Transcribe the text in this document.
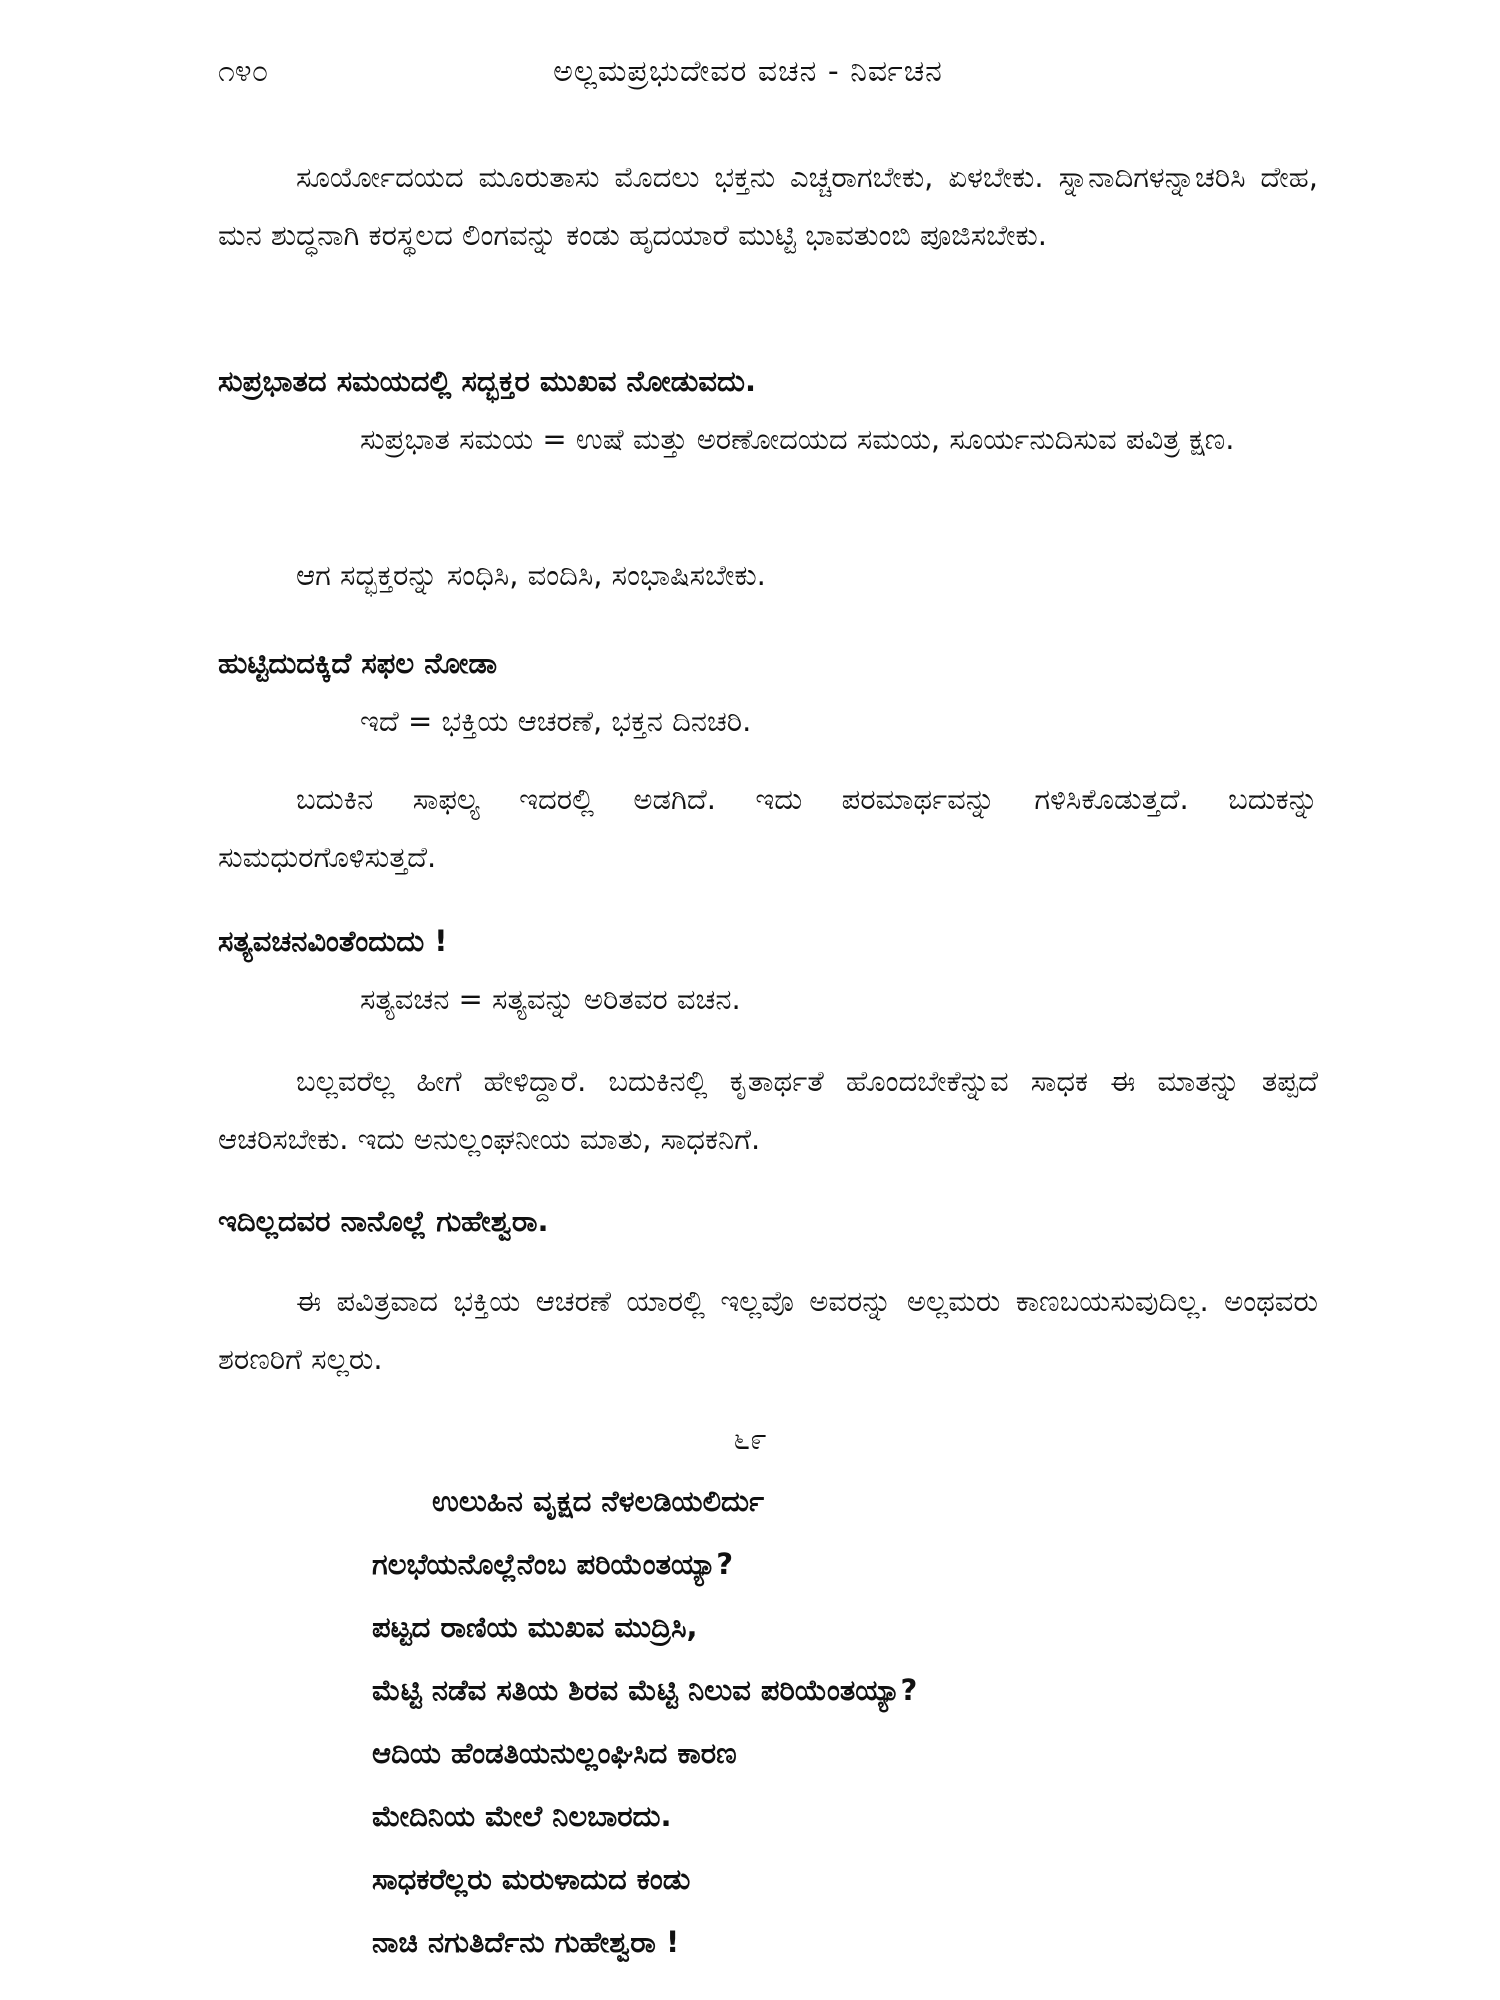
೧೪೦	ಅಲ್ಲಮಪ್ರಭುದೇವರ ವಚನ - ನಿರ್ವಚನ

ಸೂರ್ಯೋದಯದ ಮೂರುತಾಸು ಮೊದಲು ಭಕ್ತನು ಎಚ್ಚರಾಗಬೇಕು, ಏಳಬೇಕು. ಸ್ನಾನಾದಿಗಳನ್ನಾಚರಿಸಿ ದೇಹ, ಮನ ಶುದ್ಧನಾಗಿ ಕರಸ್ಥಲದ ಲಿಂಗವನ್ನು ಕಂಡು ಹೃದಯಾರೆ ಮುಟ್ಟಿ ಭಾವತುಂಬಿ ಪೂಜಿಸಬೇಕು.

ಸುಪ್ರಭಾತದ ಸಮಯದಲ್ಲಿ ಸದ್ಭಕ್ತರ ಮುಖವ ನೋಡುವದು.

ಸುಪ್ರಭಾತ ಸಮಯ = ಉಷೆ ಮತ್ತು ಅರಣೋದಯದ ಸಮಯ, ಸೂರ್ಯನುದಿಸುವ ಪವಿತ್ರ ಕ್ಷಣ.

ಆಗ ಸದ್ಭಕ್ತರನ್ನು ಸಂಧಿಸಿ, ವಂದಿಸಿ, ಸಂಭಾಷಿಸಬೇಕು.

ಹುಟ್ಟಿದುದಕ್ಕಿದೆ ಸಫಲ ನೋಡಾ

ಇದೆ = ಭಕ್ತಿಯ ಆಚರಣೆ, ಭಕ್ತನ ದಿನಚರಿ.

ಬದುಕಿನ ಸಾಫಲ್ಯ ಇದರಲ್ಲಿ ಅಡಗಿದೆ. ಇದು ಪರಮಾರ್ಥವನ್ನು ಗಳಿಸಿಕೊಡುತ್ತದೆ. ಬದುಕನ್ನು ಸುಮಧುರಗೊಳಿಸುತ್ತದೆ.

ಸತ್ಯವಚನವಿಂತೆಂದುದು !

ಸತ್ಯವಚನ = ಸತ್ಯವನ್ನು ಅರಿತವರ ವಚನ.

ಬಲ್ಲವರೆಲ್ಲ ಹೀಗೆ ಹೇಳಿದ್ದಾರೆ. ಬದುಕಿನಲ್ಲಿ ಕೃತಾರ್ಥತೆ ಹೊಂದಬೇಕೆನ್ನುವ ಸಾಧಕ ಈ ಮಾತನ್ನು ತಪ್ಪದೆ ಆಚರಿಸಬೇಕು. ಇದು ಅನುಲ್ಲಂಘನೀಯ ಮಾತು, ಸಾಧಕನಿಗೆ.

ಇದಿಲ್ಲದವರ ನಾನೊಲ್ಲೆ ಗುಹೇಶ್ವರಾ.

ಈ ಪವಿತ್ರವಾದ ಭಕ್ತಿಯ ಆಚರಣೆ ಯಾರಲ್ಲಿ ಇಲ್ಲವೊ ಅವರನ್ನು ಅಲ್ಲಮರು ಕಾಣಬಯಸುವುದಿಲ್ಲ. ಅಂಥವರು ಶರಣರಿಗೆ ಸಲ್ಲರು.

೬೯
ಉಲುಹಿನ ವೃಕ್ಷದ ನೆಳಲಡಿಯಲಿರ್ದು
ಗಲಭೆಯನೊಲ್ಲೆನೆಂಬ ಪರಿಯೆಂತಯ್ಯಾ?
ಪಟ್ಟದ ರಾಣಿಯ ಮುಖವ ಮುದ್ರಿಸಿ,
ಮೆಟ್ಟಿ ನಡೆವ ಸತಿಯ ಶಿರವ ಮೆಟ್ಟಿ ನಿಲುವ ಪರಿಯೆಂತಯ್ಯಾ?
ಆದಿಯ ಹೆಂಡತಿಯನುಲ್ಲಂಘಿಸಿದ ಕಾರಣ
ಮೇದಿನಿಯ ಮೇಲೆ ನಿಲಬಾರದು.
ಸಾಧಕರೆಲ್ಲರು ಮರುಳಾದುದ ಕಂಡು
ನಾಚಿ ನಗುತಿರ್ದೆನು ಗುಹೇಶ್ವರಾ !
